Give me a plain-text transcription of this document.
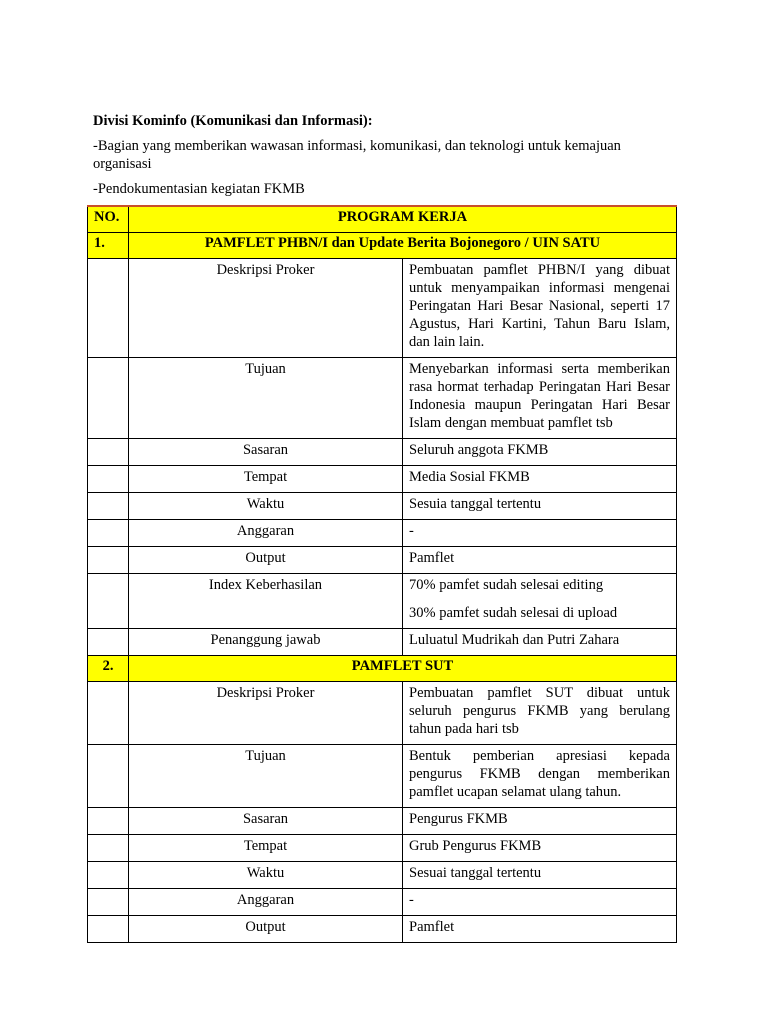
Divisi Kominfo (Komunikasi dan Informasi):
-Bagian yang memberikan wawasan informasi, komunikasi, dan teknologi untuk kemajuan organisasi
-Pendokumentasian kegiatan FKMB
NO.	PROGRAM KERJA	
1.	PAMFLET PHBN/I dan Update Berita Bojonegoro / UIN SATU	
	Deskripsi Proker	Pembuatan pamflet PHBN/I yang dibuat untuk menyampaikan informasi mengenai Peringatan Hari Besar Nasional, seperti 17 Agustus, Hari Kartini, Tahun Baru Islam, dan lain lain.
	Tujuan	Menyebarkan informasi serta memberikan rasa hormat terhadap Peringatan Hari Besar Indonesia maupun Peringatan Hari Besar Islam dengan membuat pamflet tsb
	Sasaran	Seluruh anggota FKMB
	Tempat	Media Sosial FKMB
	Waktu	Sesuia tanggal tertentu
	Anggaran	-
	Output	Pamflet
	Index Keberhasilan	70% pamfet sudah selesai editing
30% pamfet sudah selesai di upload

	Penanggung jawab	Luluatul Mudrikah dan Putri Zahara
2.	PAMFLET SUT	
	Deskripsi Proker	Pembuatan pamflet SUT dibuat untuk seluruh pengurus FKMB yang berulang tahun pada hari tsb
	Tujuan	Bentuk pemberian apresiasi kepada pengurus FKMB dengan memberikan pamflet ucapan selamat ulang tahun.
	Sasaran	Pengurus FKMB
	Tempat	Grub Pengurus FKMB
	Waktu	Sesuai tanggal tertentu
	Anggaran	-
	Output	Pamflet
